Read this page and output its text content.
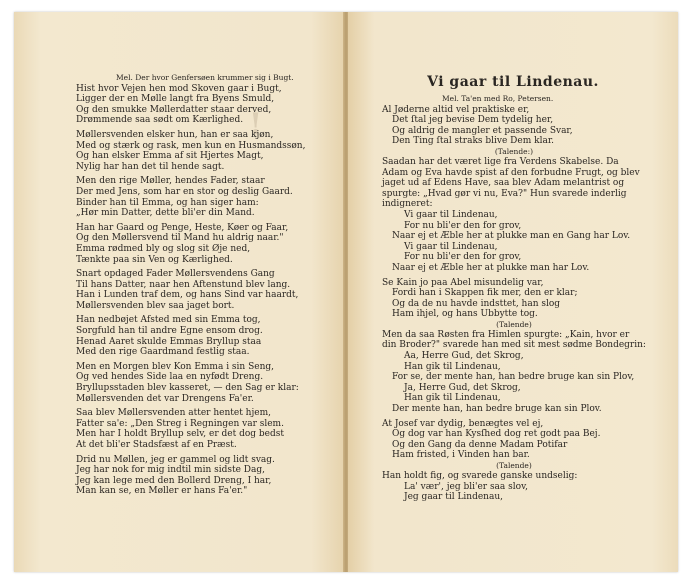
!
Mel. Der hvor Genfersøen krummer sig i Bugt.
Hist hvor Vejen hen mod Skoven gaar i Bugt,
Ligger der en Mølle langt fra Byens Smuld,
Og den smukke Møllerdatter staar derved,
Drømmende saa sødt om Kærlighed.
Møllersvenden elsker hun, han er saa kjøn,
Med og stærk og rask, men kun en Husmandssøn,
Og han elsker Emma af sit Hjertes Magt,
Nylig har han det til hende sagt.
Men den rige Møller, hendes Fader, staar
Der med Jens, som har en stor og deslig Gaard.
Binder han til Emma, og han siger ham:
„Hør min Datter, dette bli'er din Mand.
Han har Gaard og Penge, Heste, Køer og Faar,
Og den Møllersvend til Mand hu aldrig naar."
Emma rødmed bly og slog sit Øje ned,
Tænkte paa sin Ven og Kærlighed.
Snart opdaged Fader Møllersvendens Gang
Til hans Datter, naar hen Aftenstund blev lang.
Han i Lunden traf dem, og hans Sind var haardt,
Møllersvenden blev saa jaget bort.
Han nedbøjet Afsted med sin Emma tog,
Sorgfuld han til andre Egne ensom drog.
Henad Aaret skulde Emmas Bryllup staa
Med den rige Gaardmand festlig staa.
Men en Morgen blev Kon Emma i sin Seng,
Og ved hendes Side laa en nyfødt Dreng.
Bryllupsstaden blev kasseret, — den Sag er klar:
Møllersvenden det var Drengens Fa'er.
Saa blev Møllersvenden atter hentet hjem,
Fatter sa'e: „Den Streg i Regningen var slem.
Men har I holdt Bryllup selv, er det dog bedst
At det bli'er Stadsfæst af en Præst.
Drid nu Møllen, jeg er gammel og lidt svag.
Jeg har nok for mig indtil min sidste Dag,
Jeg kan lege med den Bollerd Dreng, I har,
Man kan se, en Møller er hans Fa'er."
Vi gaar til Lindenau.
Mel. Ta'en med Ro, Petersen.
Al Jøderne altid vel praktiske er,
Det ſtal jeg bevise Dem tydelig her,
Og aldrig de mangler et passende Svar,
Den Ting ſtal straks blive Dem klar.
(Talende:)
Saadan har det været lige fra Verdens Skabelse. Da
Adam og Eva havde spist af den forbudne Frugt, og blev
jaget ud af Edens Have, saa blev Adam melantrist og
spurgte: „Hvad gør vi nu, Eva?" Hun svarede inderlig
indigneret:
Vi gaar til Lindenau,
For nu bli'er den for grov,
Naar ej et Æble her at plukke man en Gang har Lov.
Vi gaar til Lindenau,
For nu bli'er den for grov,
Naar ej et Æble her at plukke man har Lov.
Se Kain jo paa Abel misundelig var,
Fordi han i Skappen fik mer, den er klar;
Og da de nu havde indsttet, han slog
Ham ihjel, og hans Ubbytte tog.
(Talende)
Men da saa Røsten fra Himlen spurgte: „Kain, hvor er
din Broder?" svarede han med sit mest sødme Bondegrin:
Aa, Herre Gud, det Skrog,
Han gik til Lindenau,
For se, der mente han, han bedre bruge kan sin Plov,
Ja, Herre Gud, det Skrog,
Han gik til Lindenau,
Der mente han, han bedre bruge kan sin Plov.
At Josef var dydig, benægtes vel ej,
Og dog var han Kysſhed dog ret godt paa Bej.
Og den Gang da denne Madam Potifar
Ham fristed, i Vinden han bar.
(Talende)
Han holdt fig, og svarede ganske undselig:
La' vær', jeg bli'er saa slov,
Jeg gaar til Lindenau,
